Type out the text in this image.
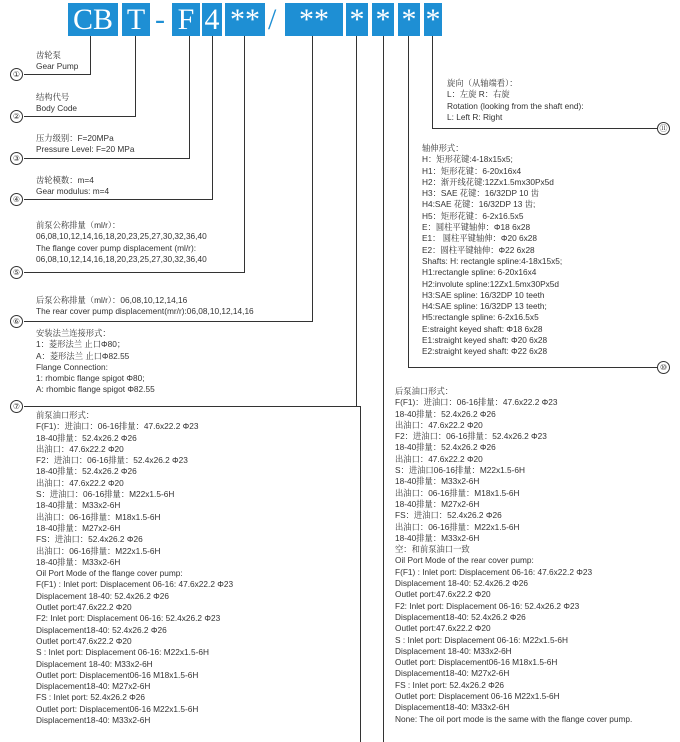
CB T - F 4 ** / ** * * * *
①
②
③
④
⑤
⑥
⑦
⑩
⑪
齿轮泵
Gear Pump
结构代号
Body Code
压力级别：F=20MPa
Pressure Level: F=20 MPa
齿轮模数：m=4
Gear modulus: m=4
前泵公称排量（ml/r）：
06,08,10,12,14,16,18,20,23,25,27,30,32,36,40
The flange cover pump displacement (ml/r):
06,08,10,12,14,16,18,20,23,25,27,30,32,36,40
后泵公称排量（ml/r）：06,08,10,12,14,16
The rear cover pump displacement(mr/r):06,08,10,12,14,16
安装法兰连接形式：
1：菱形法兰 止口Φ80；
A：菱形法兰 止口Φ82.55
Flange Connection:
1: rhombic flange spigot Φ80;
A: rhombic flange spigot Φ82.55
前泵油口形式：
F(F1)：进油口：06-16排量：47.6x22.2 Φ23
18-40排量：52.4x26.2 Φ26
出油口：47.6x22.2 Φ20
F2：进油口：06-16排量：52.4x26.2 Φ23
18-40排量：52.4x26.2 Φ26
出油口：47.6x22.2 Φ20
S：进油口：06-16排量：M22x1.5-6H
18-40排量：M33x2-6H
出油口：06-16排量：M18x1.5-6H
18-40排量：M27x2-6H
FS：进油口：52.4x26.2 Φ26
出油口：06-16排量：M22x1.5-6H
18-40排量：M33x2-6H
Oil Port Mode of the flange cover pump:
F(F1) : Inlet port: Displacement 06-16: 47.6x22.2 Φ23
Displacement 18-40: 52.4x26.2 Φ26
Outlet port:47.6x22.2 Φ20
F2: Inlet port: Displacement 06-16: 52.4x26.2 Φ23
Displacement18-40: 52.4x26.2 Φ26
Outlet port:47.6x22.2 Φ20
S : Inlet port: Displacement 06-16: M22x1.5-6H
Displacement 18-40: M33x2-6H
Outlet port: Displacement06-16 M18x1.5-6H
Displacement18-40: M27x2-6H
FS : Inlet port: 52.4x26.2 Φ26
Outlet port: Displacement06-16 M22x1.5-6H
Displacement18-40: M33x2-6H
旋向（从轴端看）：
L：左旋 R：右旋
Rotation (looking from the shaft end):
L: Left R: Right
轴伸形式：
H：矩形花键:4-18x15x5;
H1：矩形花键：6-20x16x4
H2：渐开线花键:12Zx1.5mx30Px5d
H3：SAE 花键：16/32DP 10 齿
H4:SAE 花键：16/32DP 13 齿;
H5：矩形花键：6-2x16.5x5
E：圆柱平键轴伸：Φ18 6x28
E1： 圆柱平键轴伸：Φ20 6x28
E2：圆柱平键轴伸：Φ22 6x28
Shafts: H: rectangle spline:4-18x15x5;
H1:rectangle spline: 6-20x16x4
H2:involute spline:12Zx1.5mx30Px5d
H3:SAE spline: 16/32DP 10 teeth
H4:SAE spline: 16/32DP 13 teeth;
H5:rectangle spline: 6-2x16.5x5
E:straight keyed shaft: Φ18 6x28
E1:straight keyed shaft: Φ20 6x28
E2:straight keyed shaft: Φ22 6x28
后泵油口形式：
F(F1)：进油口：06-16排量：47.6x22.2 Φ23
18-40排量：52.4x26.2 Φ26
出油口：47.6x22.2 Φ20
F2：进油口：06-16排量：52.4x26.2 Φ23
18-40排量：52.4x26.2 Φ26
出油口：47.6x22.2 Φ20
S：进油口06-16排量：M22x1.5-6H
18-40排量：M33x2-6H
出油口：06-16排量：M18x1.5-6H
18-40排量：M27x2-6H
FS：进油口：52.4x26.2 Φ26
出油口：06-16排量：M22x1.5-6H
18-40排量：M33x2-6H
空：和前泵油口一致
Oil Port Mode of the rear cover pump:
F(F1) : Inlet port: Displacement 06-16: 47.6x22.2 Φ23
Displacement 18-40: 52.4x26.2 Φ26
Outlet port:47.6x22.2 Φ20
F2: Inlet port: Displacement 06-16: 52.4x26.2 Φ23
Displacement18-40: 52.4x26.2 Φ26
Outlet port:47.6x22.2 Φ20
S : Inlet port: Displacement 06-16: M22x1.5-6H
Displacement 18-40: M33x2-6H
Outlet port: Displacement06-16 M18x1.5-6H
Displacement18-40: M27x2-6H
FS : Inlet port: 52.4x26.2 Φ26
Outlet port: Displacement 06-16 M22x1.5-6H
Displacement18-40: M33x2-6H
None: The oil port mode is the same with the flange cover pump.
